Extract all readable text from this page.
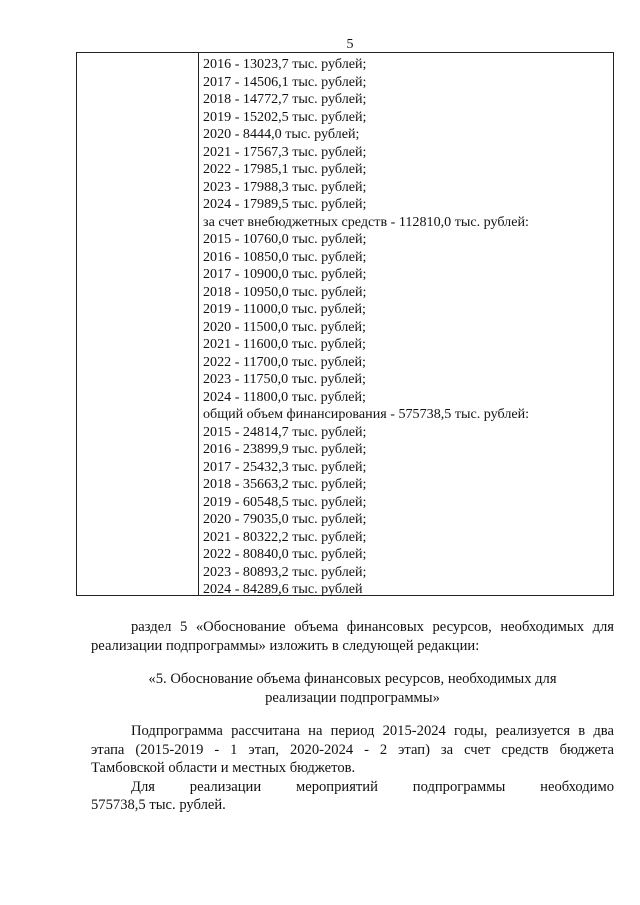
5
2016 - 13023,7 тыс. рублей;
2017 - 14506,1 тыс. рублей;
2018 - 14772,7 тыс. рублей;
2019 - 15202,5 тыс. рублей;
2020 - 8444,0 тыс. рублей;
2021 - 17567,3 тыс. рублей;
2022 - 17985,1 тыс. рублей;
2023 - 17988,3 тыс. рублей;
2024 - 17989,5 тыс. рублей;
за счет внебюджетных средств - 112810,0 тыс. рублей:
2015 - 10760,0 тыс. рублей;
2016 - 10850,0 тыс. рублей;
2017 - 10900,0 тыс. рублей;
2018 - 10950,0 тыс. рублей;
2019 - 11000,0 тыс. рублей;
2020 - 11500,0 тыс. рублей;
2021 - 11600,0 тыс. рублей;
2022 - 11700,0 тыс. рублей;
2023 - 11750,0 тыс. рублей;
2024 - 11800,0 тыс. рублей;
общий объем финансирования - 575738,5 тыс. рублей:
2015 - 24814,7 тыс. рублей;
2016 - 23899,9 тыс. рублей;
2017 - 25432,3 тыс. рублей;
2018 - 35663,2 тыс. рублей;
2019 - 60548,5 тыс. рублей;
2020 - 79035,0 тыс. рублей;
2021 - 80322,2 тыс. рублей;
2022 - 80840,0 тыс. рублей;
2023 - 80893,2 тыс. рублей;
2024 - 84289,6 тыс. рублей
раздел 5 «Обоснование объема финансовых ресурсов, необходимых для
реализации подпрограммы» изложить в следующей редакции:
«5. Обоснование объема финансовых ресурсов, необходимых для
реализации подпрограммы»
Подпрограмма рассчитана на период 2015-2024 годы, реализуется в два
этапа (2015-2019 - 1 этап, 2020-2024 - 2 этап) за счет средств бюджета
Тамбовской области и местных бюджетов.
Для реализации мероприятий подпрограммы необходимо
575738,5 тыс. рублей.
